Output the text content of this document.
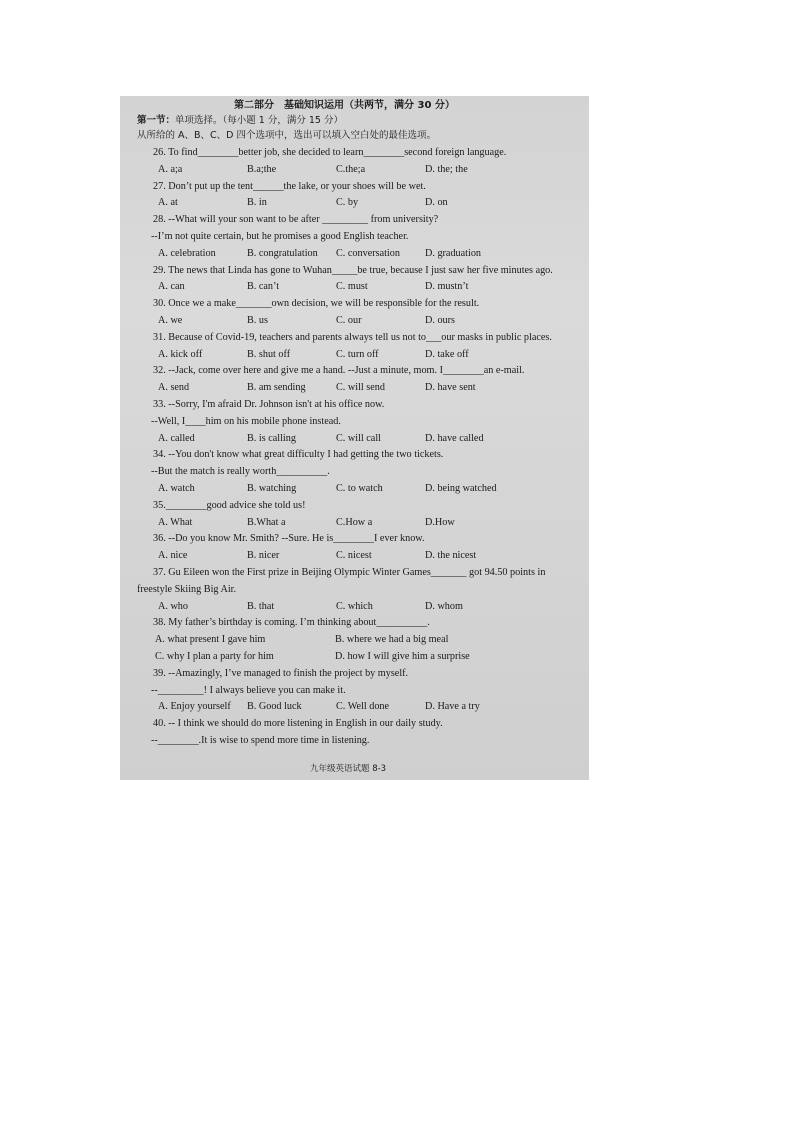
第二部分　基础知识运用（共两节，满分 30 分）
第一节：单项选择。（每小题 1 分，满分 15 分）
从所给的 A、B、C、D 四个选项中，选出可以填入空白处的最佳选项。
九年级英语试题 8-3
26. To find________better job, she decided to learn________second foreign language.
A. a;a	B.a;the	C.the;a	D. the; the
27. Don’t put up the tent______the lake, or your shoes will be wet.
A. at	B. in	C. by	D. on
28. --What will your son want to be after _________ from university?
--I’m not quite certain, but he promises a good English teacher.
A. celebration	B. congratulation C. conversation D. graduation
29. The news that Linda has gone to Wuhan_____be true, because I just saw her five minutes ago.
A. can	B. can’t	C. must	D. mustn’t
30. Once we a make_______own decision, we will be responsible for the result.
A. we	B. us	C. our	D. ours
31. Because of Covid-19, teachers and parents always tell us not to___our masks in public places.
A. kick off	B. shut off	C. turn off	D. take off
32. --Jack, come over here and give me a hand. --Just a minute, mom. I________an e-mail.
A. send	B. am sending	C. will send	D. have sent
33. --Sorry, I'm afraid Dr. Johnson isn't at his office now.
--Well, I____him on his mobile phone instead.
A. called	B. is calling	C. will call	D. have called
34. --You don't know what great difficulty I had getting the two tickets.
--But the match is really worth__________.
A. watch	B. watching	C. to watch	D. being watched
35.________good advice she told us!
A. What	B.What a	C.How a	D.How
36. --Do you know Mr. Smith? --Sure. He is________I ever know.
A. nice	B. nicer	C. nicest	D. the nicest
37. Gu Eileen won the First prize in Beijing Olympic Winter Games_______ got 94.50 points in
freestyle Skiing Big Air.
A. who	B. that	C. which	D. whom
38. My father’s birthday is coming. I’m thinking about__________.
A. what present I gave him	B. where we had a big meal
C. why I plan a party for him	D. how I will give him a surprise
39. --Amazingly, I’ve managed to finish the project by myself.
--_________! I always believe you can make it.
A. Enjoy yourself B. Good luck	C. Well done	D. Have a try
40. -- I think we should do more listening in English in our daily study.
--________.It is wise to spend more time in listening.
